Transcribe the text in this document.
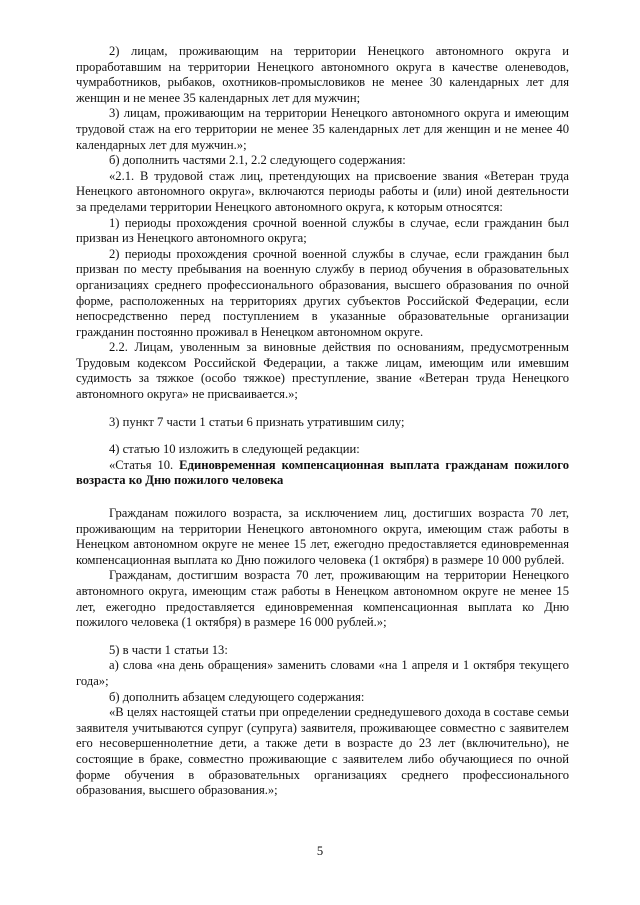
2) лицам, проживающим на территории Ненецкого автономного округа и проработавшим на территории Ненецкого автономного округа в качестве оленеводов, чумработников, рыбаков, охотников-промысловиков не менее 30 календарных лет для женщин и не менее 35 календарных лет для мужчин;

3) лицам, проживающим на территории Ненецкого автономного округа и имеющим трудовой стаж на его территории не менее 35 календарных лет для женщин и не менее 40 календарных лет для мужчин.»;

б) дополнить частями 2.1, 2.2 следующего содержания:

«2.1. В трудовой стаж лиц, претендующих на присвоение звания «Ветеран труда Ненецкого автономного округа», включаются периоды работы и (или) иной деятельности за пределами территории Ненецкого автономного округа, к которым относятся:

1) периоды прохождения срочной военной службы в случае, если гражданин был призван из Ненецкого автономного округа;

2) периоды прохождения срочной военной службы в случае, если гражданин был призван по месту пребывания на военную службу в период обучения в образовательных организациях среднего профессионального образования, высшего образования по очной форме, расположенных на территориях других субъектов Российской Федерации, если непосредственно перед поступлением в указанные образовательные организации гражданин постоянно проживал в Ненецком автономном округе.

2.2. Лицам, уволенным за виновные действия по основаниям, предусмотренным Трудовым кодексом Российской Федерации, а также лицам, имеющим или имевшим судимость за тяжкое (особо тяжкое) преступление, звание «Ветеран труда Ненецкого автономного округа» не присваивается.»;

3) пункт 7 части 1 статьи 6 признать утратившим силу;

4) статью 10 изложить в следующей редакции:

«Статья 10. Единовременная компенсационная выплата гражданам пожилого возраста ко Дню пожилого человека

Гражданам пожилого возраста, за исключением лиц, достигших возраста 70 лет, проживающим на территории Ненецкого автономного округа, имеющим стаж работы в Ненецком автономном округе не менее 15 лет, ежегодно предоставляется единовременная компенсационная выплата ко Дню пожилого человека (1 октября) в размере 10 000 рублей.

Гражданам, достигшим возраста 70 лет, проживающим на территории Ненецкого автономного округа, имеющим стаж работы в Ненецком автономном округе не менее 15 лет, ежегодно предоставляется единовременная компенсационная выплата ко Дню пожилого человека (1 октября) в размере 16 000 рублей.»;

5) в части 1 статьи 13:

а) слова «на день обращения» заменить словами «на 1 апреля и 1 октября текущего года»;

б) дополнить абзацем следующего содержания:

«В целях настоящей статьи при определении среднедушевого дохода в составе семьи заявителя учитываются супруг (супруга) заявителя, проживающее совместно с заявителем его несовершеннолетние дети, а также дети в возрасте до 23 лет (включительно), не состоящие в браке, совместно проживающие с заявителем либо обучающиеся по очной форме обучения в образовательных организациях среднего профессионального образования, высшего образования.»;

5
